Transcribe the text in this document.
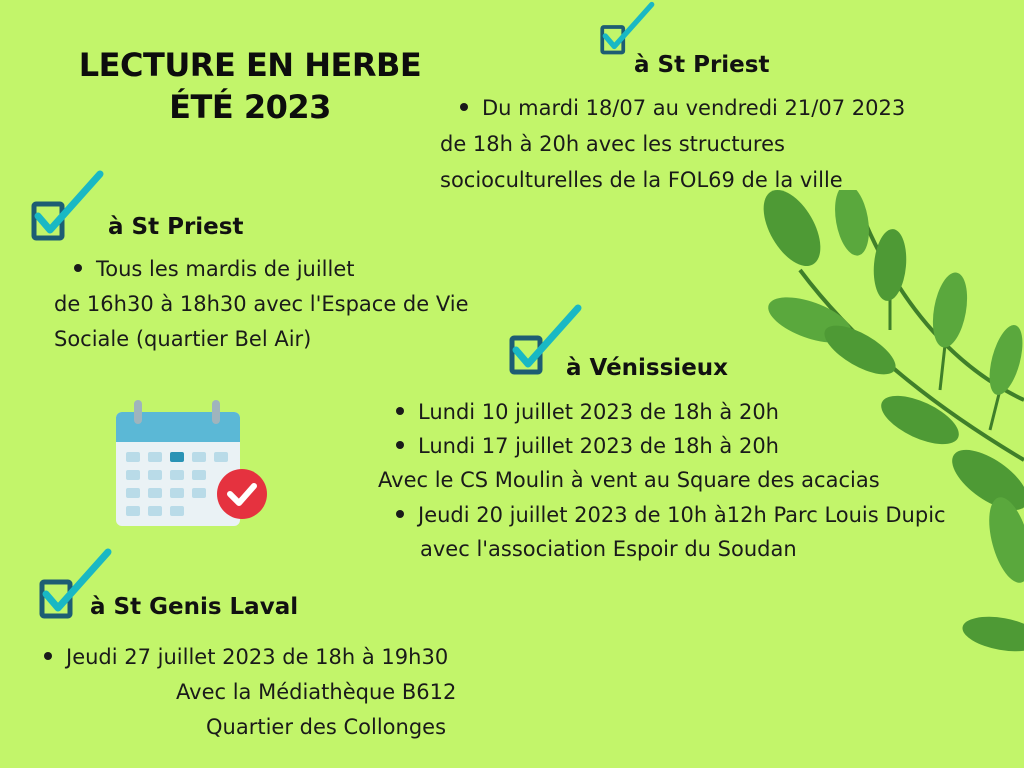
LECTURE EN HERBE
ÉTÉ 2023
à St Priest
Du mardi 18/07 au vendredi 21/07 2023
de 18h à 20h avec les structures
socioculturelles de la FOL69 de la ville
à St Priest
Tous les mardis de juillet
de 16h30 à 18h30 avec l'Espace de Vie
Sociale (quartier Bel Air)
à Vénissieux
Lundi 10 juillet 2023 de 18h à 20h
Lundi 17 juillet 2023 de 18h à 20h
Avec le CS Moulin à vent au Square des acacias
Jeudi 20 juillet 2023 de 10h à12h Parc Louis Dupic
avec l'association Espoir du Soudan
à St Genis Laval
Jeudi 27 juillet 2023 de 18h à 19h30
Avec la Médiathèque B612
Quartier des Collonges
